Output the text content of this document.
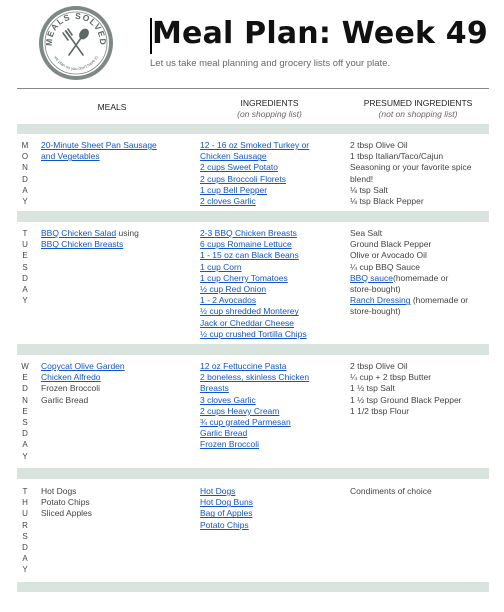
MEALS SOLVED
we plan so you don't have to
Meal Plan: Week 49
Let us take meal planning and grocery lists off your plate.
MEALS	INGREDIENTS
(on shopping list)
PRESUMED INGREDIENTS
(not on shopping list)
M
O
N
D
A
Y
20-Minute Sheet Pan Sausage
and Vegetables
12 - 16 oz Smoked Turkey or
Chicken Sausage
2 cups Sweet Potato
2 cups Broccoli Florets
1 cup Bell Pepper
2 cloves Garlic
2 tbsp Olive Oil
1 tbsp Italian/Taco/Cajun
Seasoning or your favorite spice
blend!
⅛ tsp Salt
⅛ tsp Black Pepper
T
U
E
S
D
A
Y
BBQ Chicken Salad using
BBQ Chicken Breasts
2-3 BBQ Chicken Breasts
6 cups Romaine Lettuce
1 - 15 oz can Black Beans
1 cup Corn
1 cup Cherry Tomatoes
½ cup Red Onion
1 - 2 Avocados
½ cup shredded Monterey
Jack or Cheddar Cheese
½ cup crushed Tortilla Chips
Sea Salt
Ground Black Pepper
Olive or Avocado Oil
¼ cup BBQ Sauce
BBQ sauce(homemade or
store-bought)
Ranch Dressing (homemade or
store-bought)
W
E
D
N
E
S
D
A
Y
Copycat Olive Garden
Chicken Alfredo
Frozen Broccoli
Garlic Bread
12 oz Fettuccine Pasta
2 boneless, skinless Chicken
Breasts
3 cloves Garlic
2 cups Heavy Cream
¾ cup grated Parmesan
Garlic Bread
Frozen Broccoli
2 tbsp Olive Oil
¼ cup + 2 tbsp Butter
1 ½ tsp Salt
1 ½ tsp Ground Black Pepper
1 1/2 tbsp Flour
T
H
U
R
S
D
A
Y
Hot Dogs
Potato Chips
Sliced Apples
Hot Dogs
Hot Dog Buns
Bag of Apples
Potato Chips
Condiments of choice
